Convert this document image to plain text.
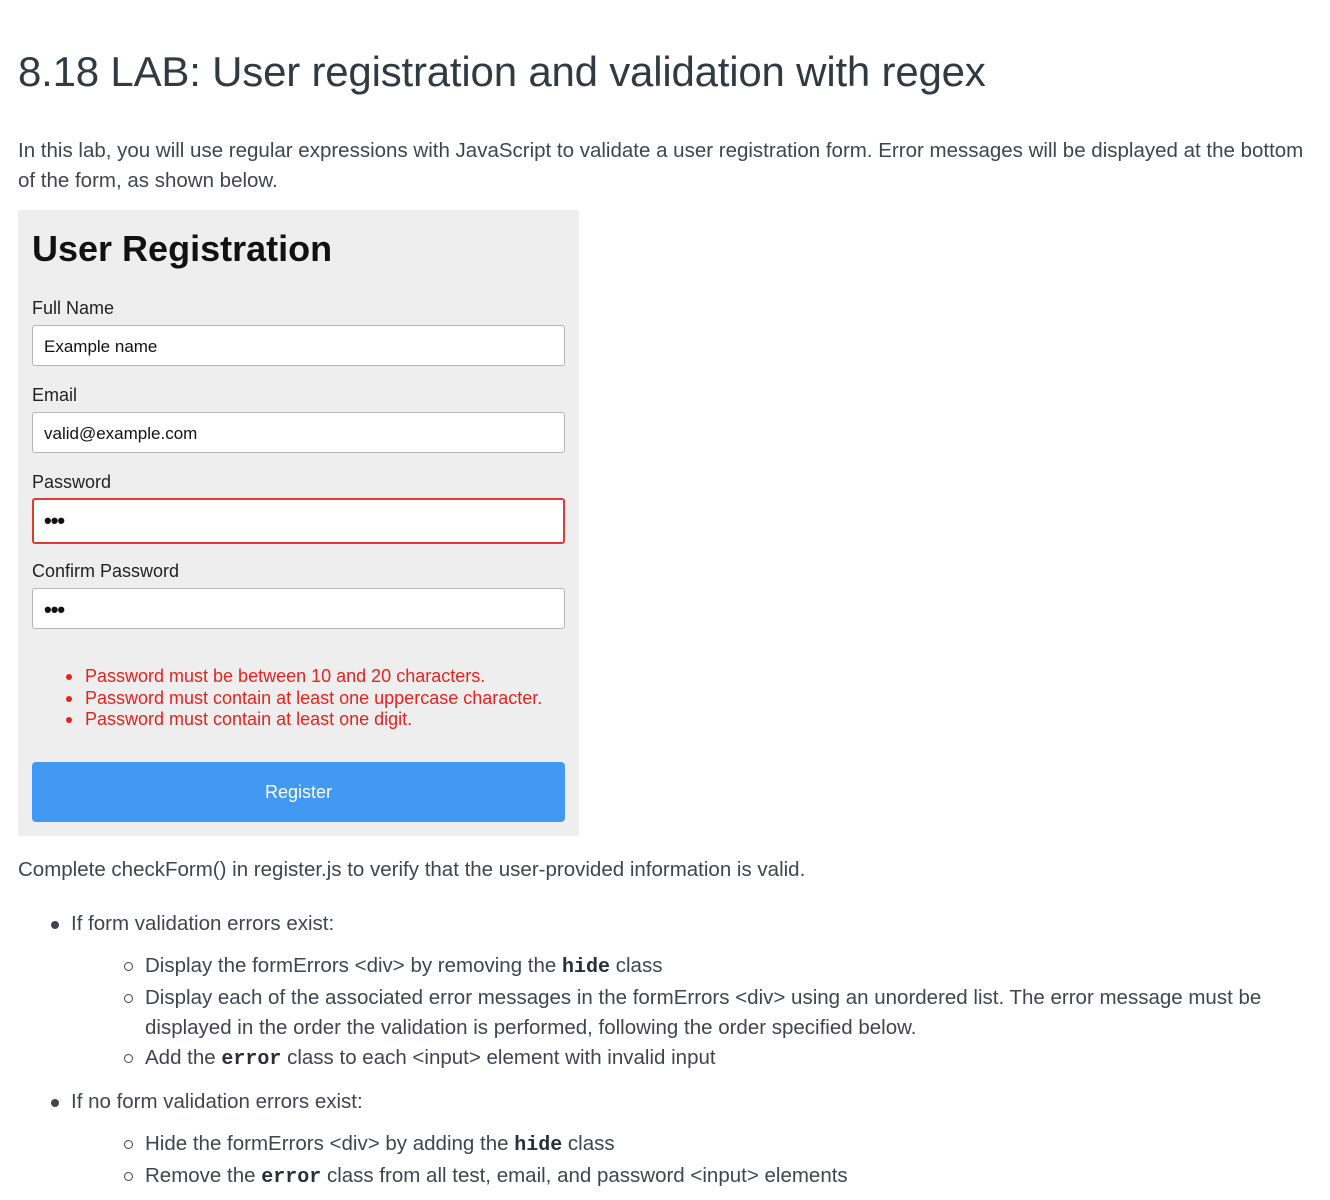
8.18 LAB: User registration and validation with regex

In this lab, you will use regular expressions with JavaScript to validate a user registration form. Error messages will be displayed at the bottom of the form, as shown below.

User Registration
Full Name
Example name
Email
valid@example.com
Password
•••
Confirm Password
•••
Password must be between 10 and 20 characters.
Password must contain at least one uppercase character.
Password must contain at least one digit.
Register

Complete checkForm() in register.js to verify that the user-provided information is valid.

If form validation errors exist:
Display the formErrors <div> by removing the hide class
Display each of the associated error messages in the formErrors <div> using an unordered list. The error message must be displayed in the order the validation is performed, following the order specified below.
Add the error class to each <input> element with invalid input
If no form validation errors exist:
Hide the formErrors <div> by adding the hide class
Remove the error class from all test, email, and password <input> elements
